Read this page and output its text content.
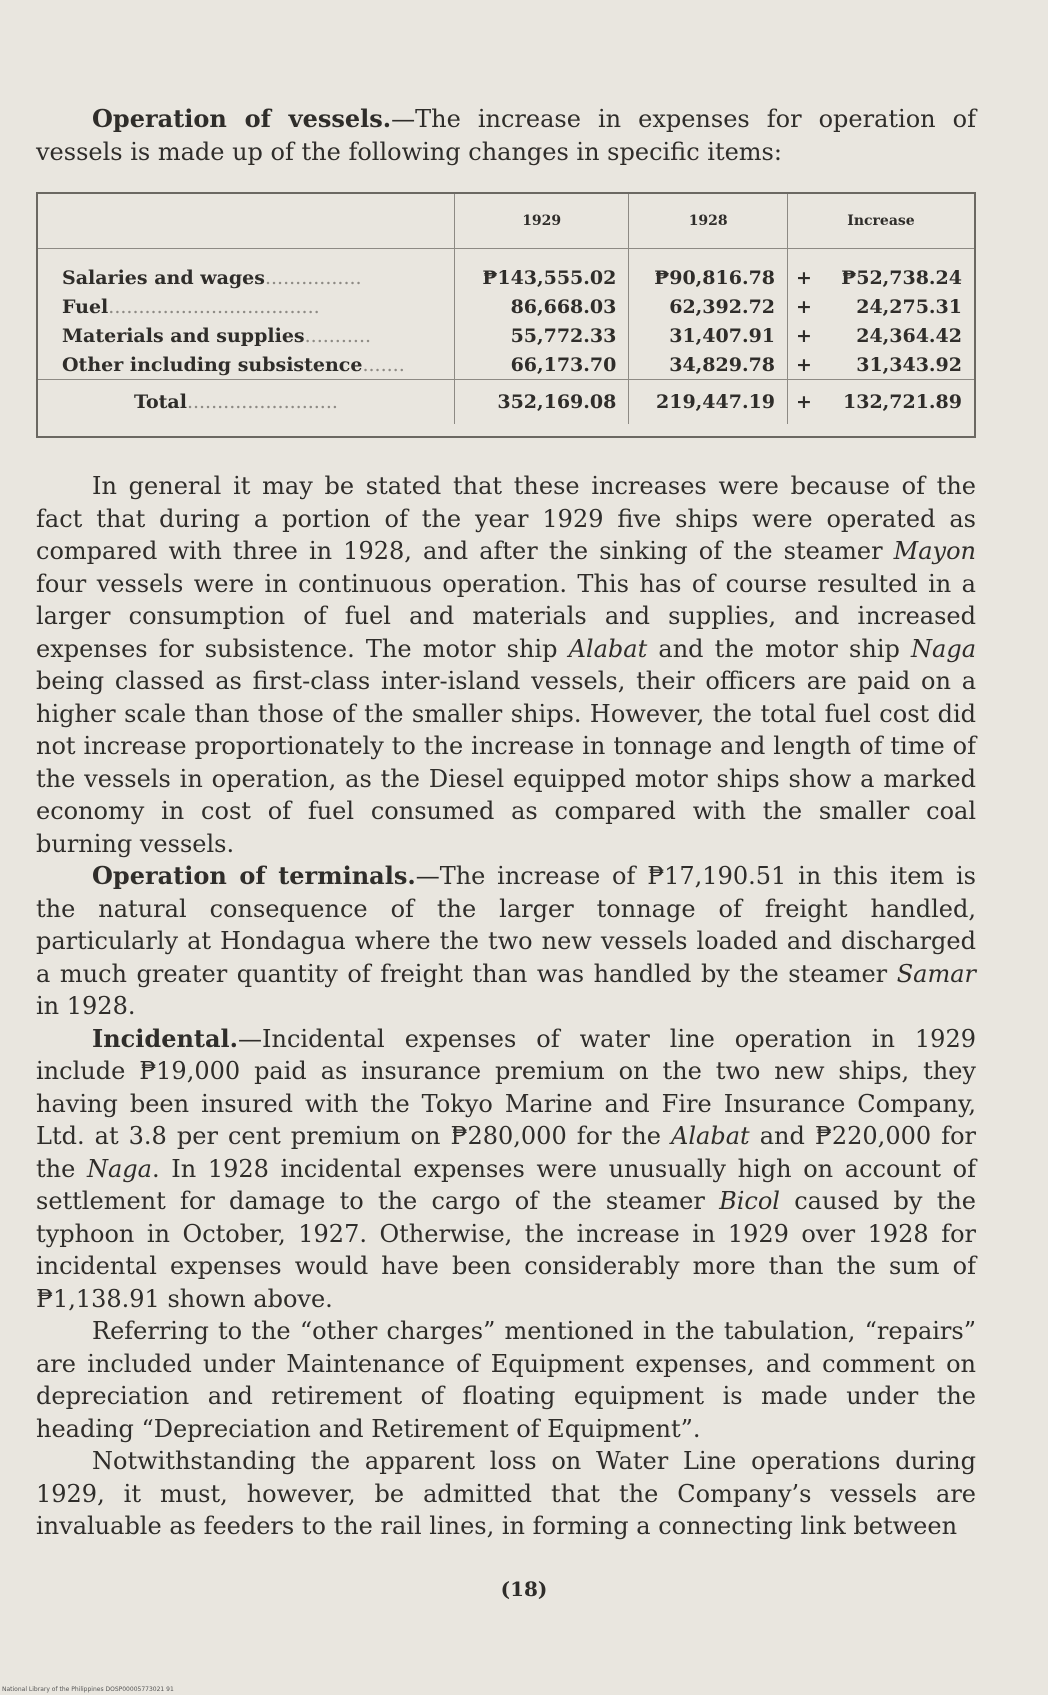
Operation of vessels.—The increase in expenses for operation of vessels is made up of the following changes in specific items:

	1929	1928	Increase
Salaries and wages................	₱143,555.02	₱90,816.78	+ ₱52,738.24

Fuel...................................	86,668.03	62,392.72	+ 24,275.31

Materials and supplies...........	55,772.33	31,407.91	+ 24,364.42

Other including subsistence.......	66,173.70	34,829.78	+ 31,343.92

Total.........................	352,169.08	219,447.19	+ 132,721.89

In general it may be stated that these increases were because of the fact that during a portion of the year 1929 five ships were operated as compared with three in 1928, and after the sinking of the steamer Mayon four vessels were in continuous operation. This has of course resulted in a larger consumption of fuel and materials and supplies, and increased expenses for subsistence. The motor ship Alabat and the motor ship Naga being classed as first-class inter-island vessels, their officers are paid on a higher scale than those of the smaller ships. However, the total fuel cost did not increase proportionately to the increase in tonnage and length of time of the vessels in operation, as the Diesel equipped motor ships show a marked economy in cost of fuel consumed as compared with the smaller coal burning vessels.

Operation of terminals.—The increase of ₱17,190.51 in this item is the natural consequence of the larger tonnage of freight handled, particularly at Hondagua where the two new vessels loaded and discharged a much greater quantity of freight than was handled by the steamer Samar in 1928.

Incidental.—Incidental expenses of water line operation in 1929 include ₱19,000 paid as insurance premium on the two new ships, they having been insured with the Tokyo Marine and Fire Insurance Company, Ltd. at 3.8 per cent premium on ₱280,000 for the Alabat and ₱220,000 for the Naga. In 1928 incidental expenses were unusually high on account of settlement for damage to the cargo of the steamer Bicol caused by the typhoon in October, 1927. Otherwise, the increase in 1929 over 1928 for incidental expenses would have been considerably more than the sum of ₱1,138.91 shown above.

Referring to the “other charges” mentioned in the tabulation, “repairs” are included under Maintenance of Equipment expenses, and comment on depreciation and retirement of floating equipment is made under the heading “Depreciation and Retirement of Equipment”.

Notwithstanding the apparent loss on Water Line operations during 1929, it must, however, be admitted that the Company’s vessels are invaluable as feeders to the rail lines, in forming a connecting link between

(18)
National Library of the Philippines DOSP00005773021 91
